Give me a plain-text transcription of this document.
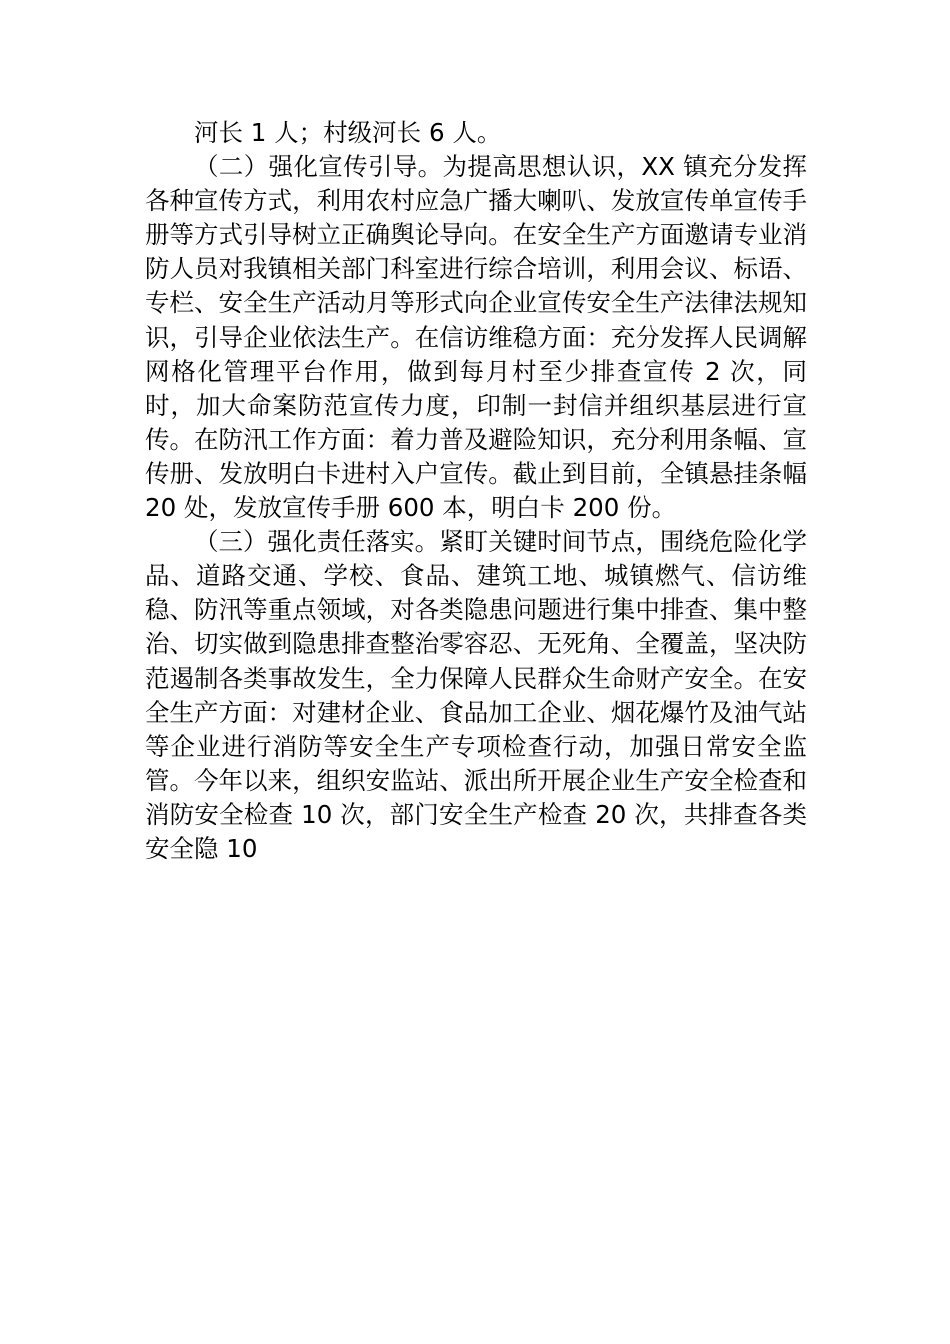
河长 1 人；村级河长 6 人。

（二）强化宣传引导。为提高思想认识，XX 镇充分发挥各种宣传方式，利用农村应急广播大喇叭、发放宣传单宣传手册等方式引导树立正确舆论导向。在安全生产方面邀请专业消防人员对我镇相关部门科室进行综合培训，利用会议、标语、专栏、安全生产活动月等形式向企业宣传安全生产法律法规知识，引导企业依法生产。在信访维稳方面：充分发挥人民调解网格化管理平台作用，做到每月村至少排查宣传 2 次，同时，加大命案防范宣传力度，印制一封信并组织基层进行宣传。在防汛工作方面：着力普及避险知识，充分利用条幅、宣传册、发放明白卡进村入户宣传。截止到目前，全镇悬挂条幅 20 处，发放宣传手册 600 本，明白卡 200 份。

（三）强化责任落实。紧盯关键时间节点，围绕危险化学品、道路交通、学校、食品、建筑工地、城镇燃气、信访维稳、防汛等重点领域，对各类隐患问题进行集中排查、集中整治、切实做到隐患排查整治零容忍、无死角、全覆盖，坚决防范遏制各类事故发生，全力保障人民群众生命财产安全。在安全生产方面：对建材企业、食品加工企业、烟花爆竹及油气站等企业进行消防等安全生产专项检查行动，加强日常安全监管。今年以来，组织安监站、派出所开展企业生产安全检查和消防安全检查 10 次，部门安全生产检查 20 次，共排查各类安全隐 10
